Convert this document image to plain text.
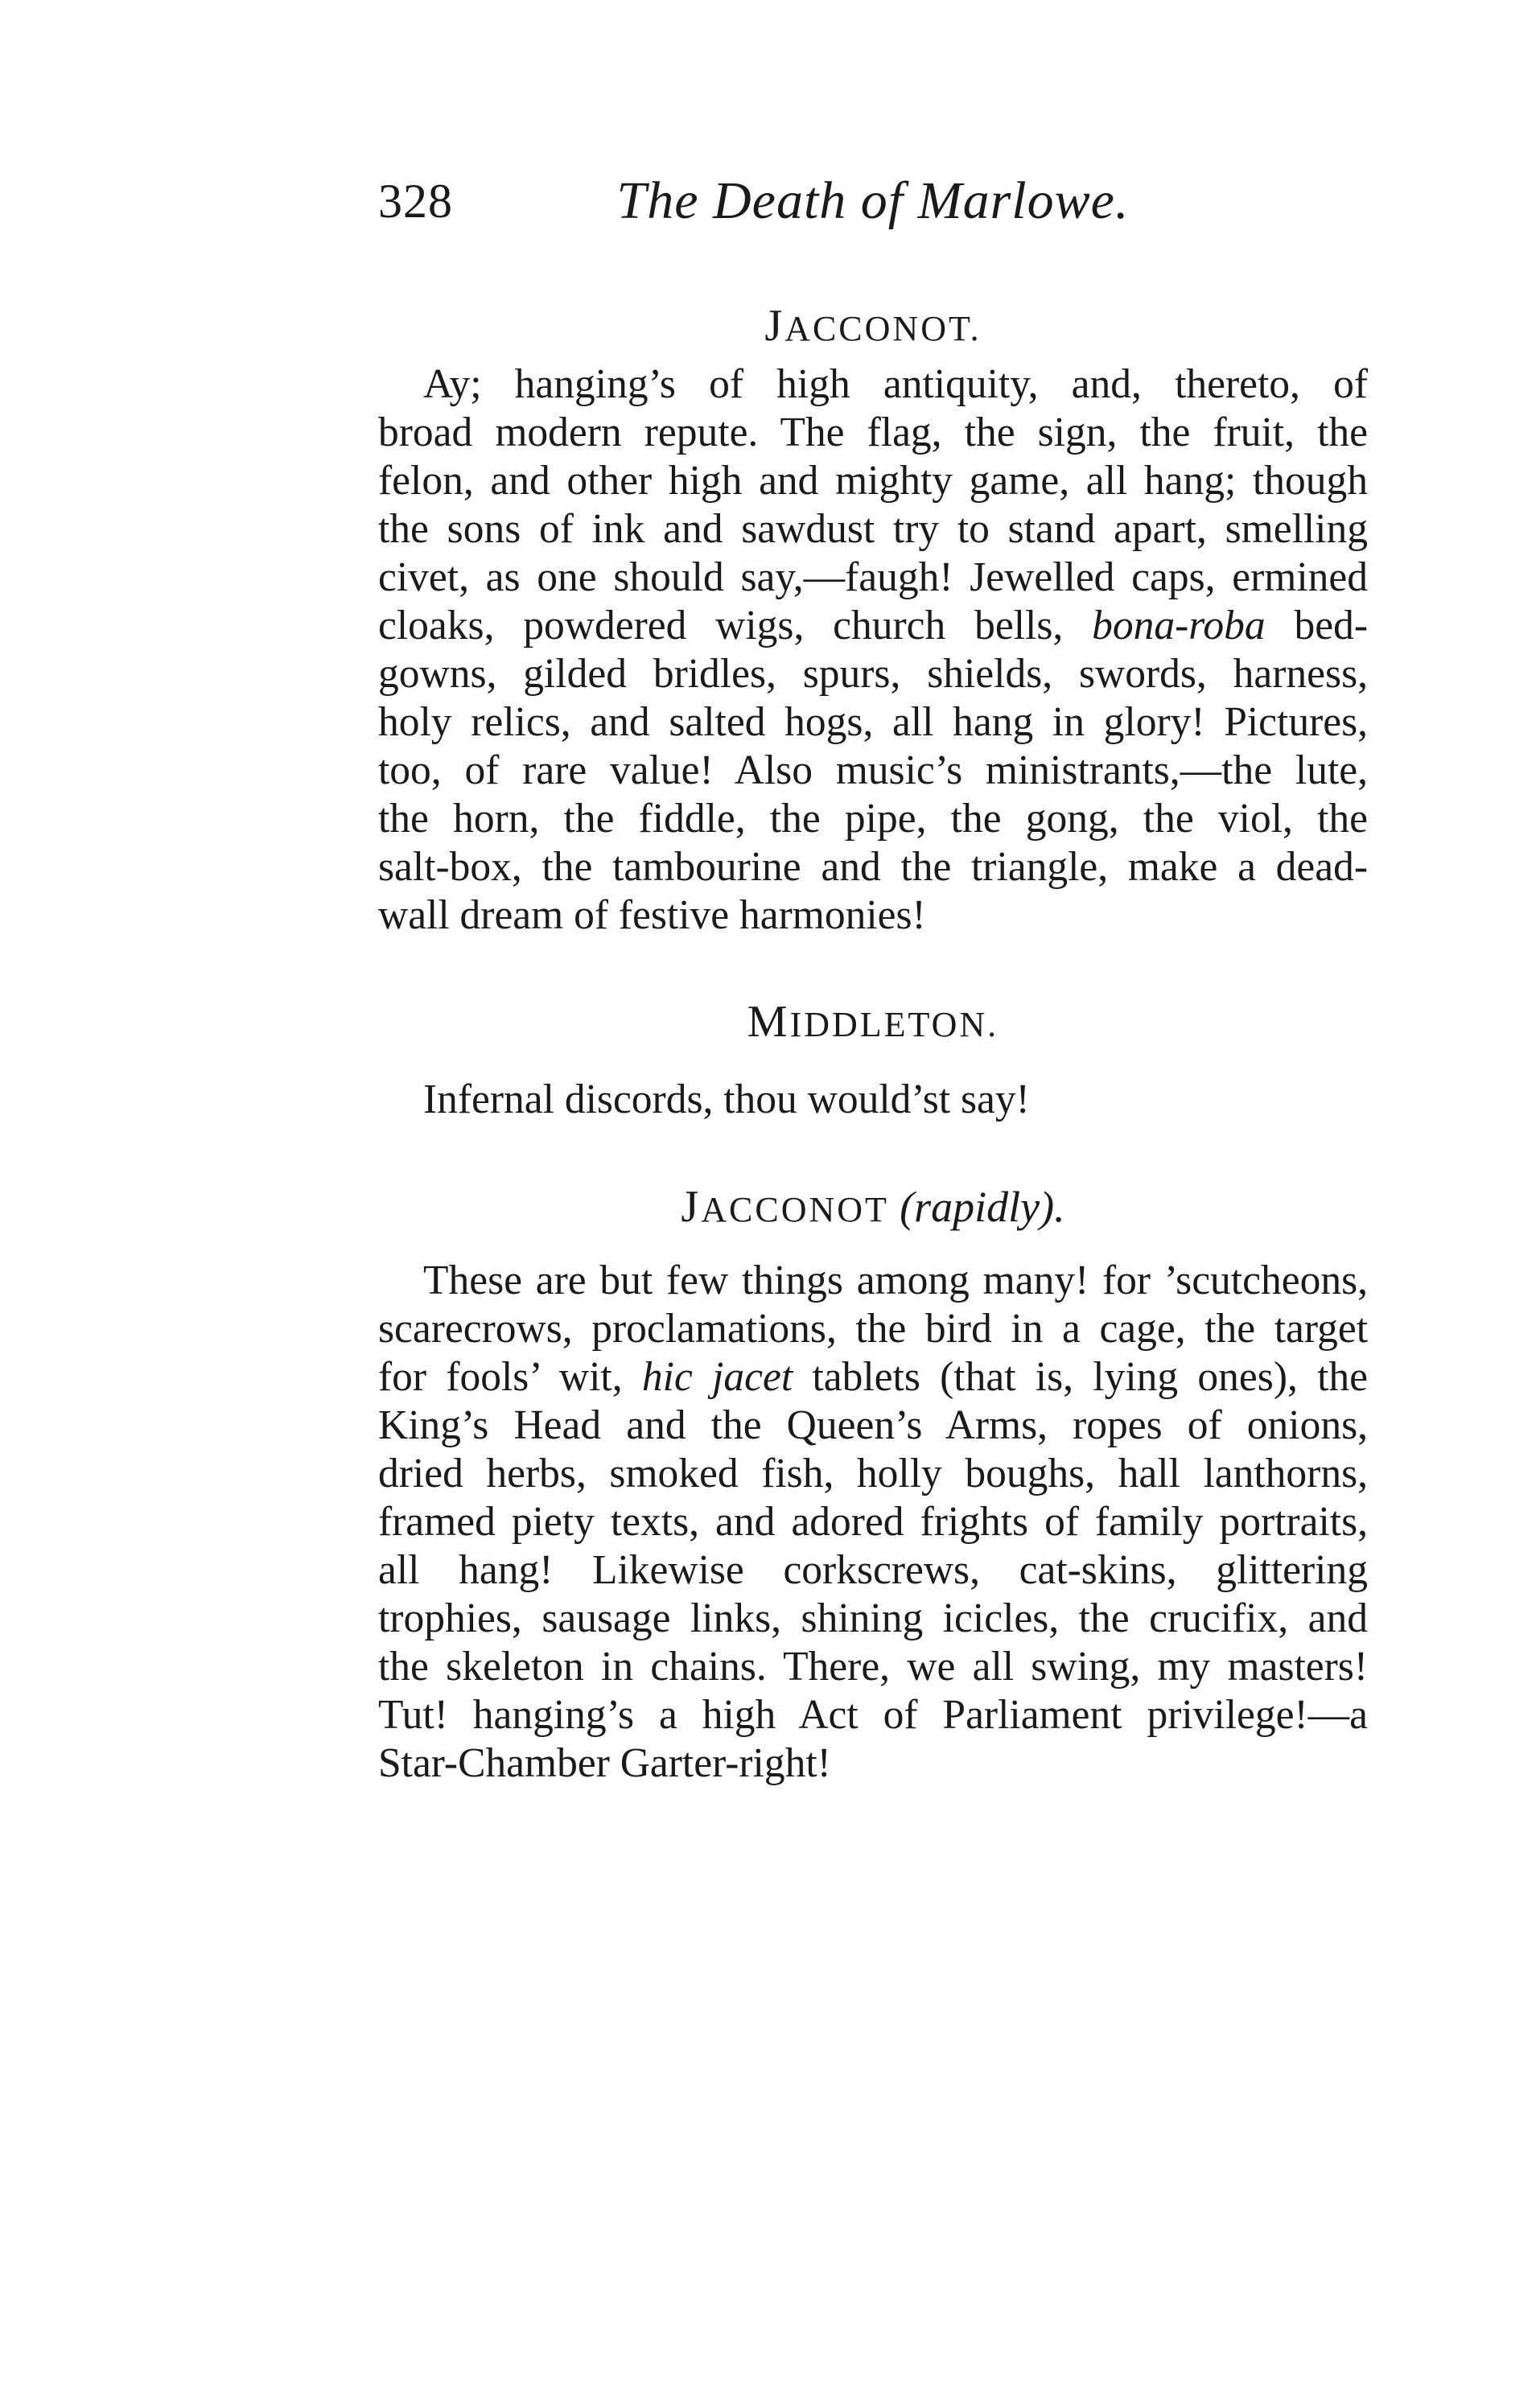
328	The Death of Marlowe.
JACCONOT.
Ay; hanging’s of high antiquity, and, thereto, of
broad modern repute. The flag, the sign, the fruit, the
felon, and other high and mighty game, all hang; though
the sons of ink and sawdust try to stand apart, smelling
civet, as one should say,—faugh! Jewelled caps, ermined
cloaks, powdered wigs, church bells, bona-roba bed-
gowns, gilded bridles, spurs, shields, swords, harness,
holy relics, and salted hogs, all hang in glory! Pictures,
too, of rare value! Also music’s ministrants,—the lute,
the horn, the fiddle, the pipe, the gong, the viol, the
salt-box, the tambourine and the triangle, make a dead-
wall dream of festive harmonies!
MIDDLETON.
Infernal discords, thou would’st say!
JACCONOT (rapidly).
These are but few things among many! for ’scutcheons,
scarecrows, proclamations, the bird in a cage, the target
for fools’ wit, hic jacet tablets (that is, lying ones), the
King’s Head and the Queen’s Arms, ropes of onions,
dried herbs, smoked fish, holly boughs, hall lanthorns,
framed piety texts, and adored frights of family portraits,
all hang! Likewise corkscrews, cat-skins, glittering
trophies, sausage links, shining icicles, the crucifix, and
the skeleton in chains. There, we all swing, my masters!
Tut! hanging’s a high Act of Parliament privilege!—a
Star-Chamber Garter-right!
